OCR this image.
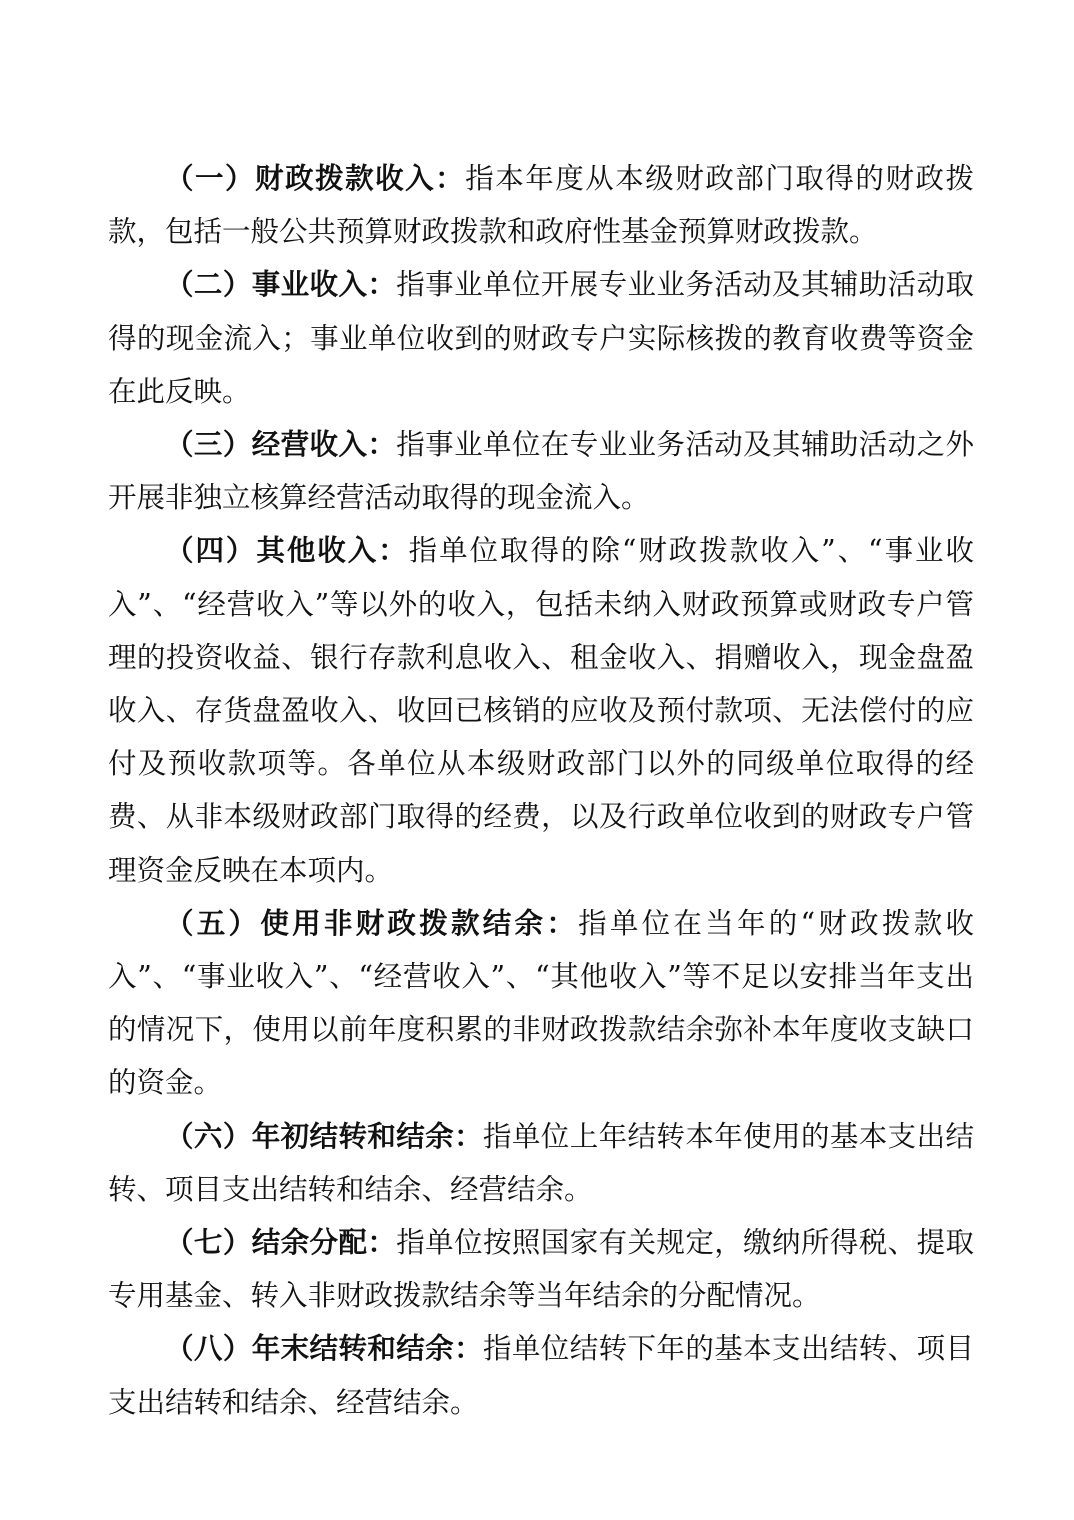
（一）财政拨款收入：指本年度从本级财政部门取得的财政拨款，包括一般公共预算财政拨款和政府性基金预算财政拨款。

（二）事业收入：指事业单位开展专业业务活动及其辅助活动取得的现金流入；事业单位收到的财政专户实际核拨的教育收费等资金在此反映。

（三）经营收入：指事业单位在专业业务活动及其辅助活动之外开展非独立核算经营活动取得的现金流入。

（四）其他收入：指单位取得的除“财政拨款收入”、“事业收入”、“经营收入”等以外的收入，包括未纳入财政预算或财政专户管理的投资收益、银行存款利息收入、租金收入、捐赠收入，现金盘盈收入、存货盘盈收入、收回已核销的应收及预付款项、无法偿付的应付及预收款项等。各单位从本级财政部门以外的同级单位取得的经费、从非本级财政部门取得的经费，以及行政单位收到的财政专户管理资金反映在本项内。

（五）使用非财政拨款结余：指单位在当年的“财政拨款收入”、“事业收入”、“经营收入”、“其他收入”等不足以安排当年支出的情况下，使用以前年度积累的非财政拨款结余弥补本年度收支缺口的资金。

（六）年初结转和结余：指单位上年结转本年使用的基本支出结转、项目支出结转和结余、经营结余。

（七）结余分配：指单位按照国家有关规定，缴纳所得税、提取专用基金、转入非财政拨款结余等当年结余的分配情况。

（八）年末结转和结余：指单位结转下年的基本支出结转、项目支出结转和结余、经营结余。
